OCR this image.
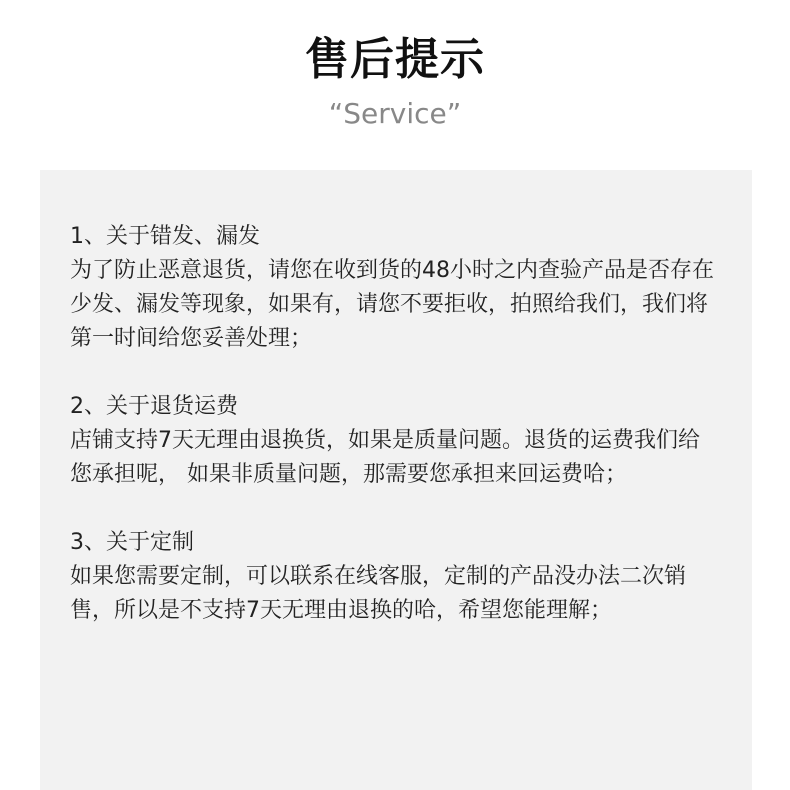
售后提示
“Service”

1、关于错发、漏发

为了防止恶意退货，请您在收到货的48小时之内查验产品是否存在少发、漏发等现象，如果有，请您不要拒收，拍照给我们，我们将第一时间给您妥善处理；

2、关于退货运费

店铺支持7天无理由退换货，如果是质量问题。退货的运费我们给您承担呢， 如果非质量问题，那需要您承担来回运费哈；

3、关于定制

如果您需要定制，可以联系在线客服，定制的产品没办法二次销售，所以是不支持7天无理由退换的哈，希望您能理解；
